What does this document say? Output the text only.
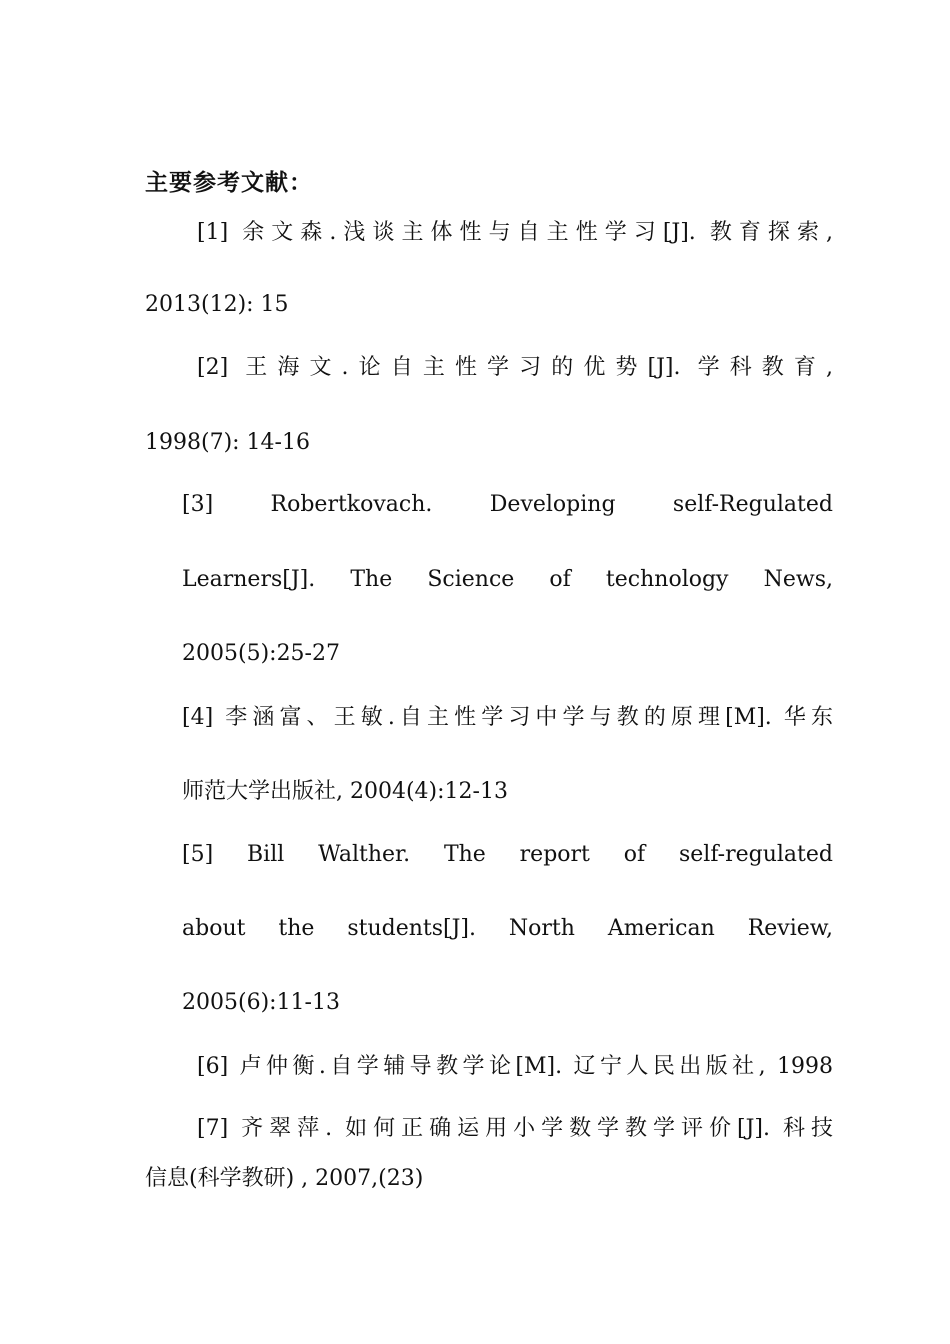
主要参考文献：
[1] 余文森.浅谈主体性与自主性学习[J]. 教育探索,
2013(12): 15
[2] 王海文.论自主性学习的优势[J]. 学科教育,
1998(7): 14-16
[3] Robertkovach. Developing self-Regulated
Learners[J]. The Science of technology News,
2005(5):25-27
[4] 李涵富、王敏.自主性学习中学与教的原理[M]. 华东
师范大学出版社, 2004(4):12-13
[5] Bill Walther. The report of self-regulated
about the students[J]. North American Review,
2005(6):11-13
[6] 卢仲衡.自学辅导教学论[M]. 辽宁人民出版社, 1998
[7] 齐翠萍. 如何正确运用小学数学教学评价[J]. 科技
信息(科学教研) , 2007,(23)
